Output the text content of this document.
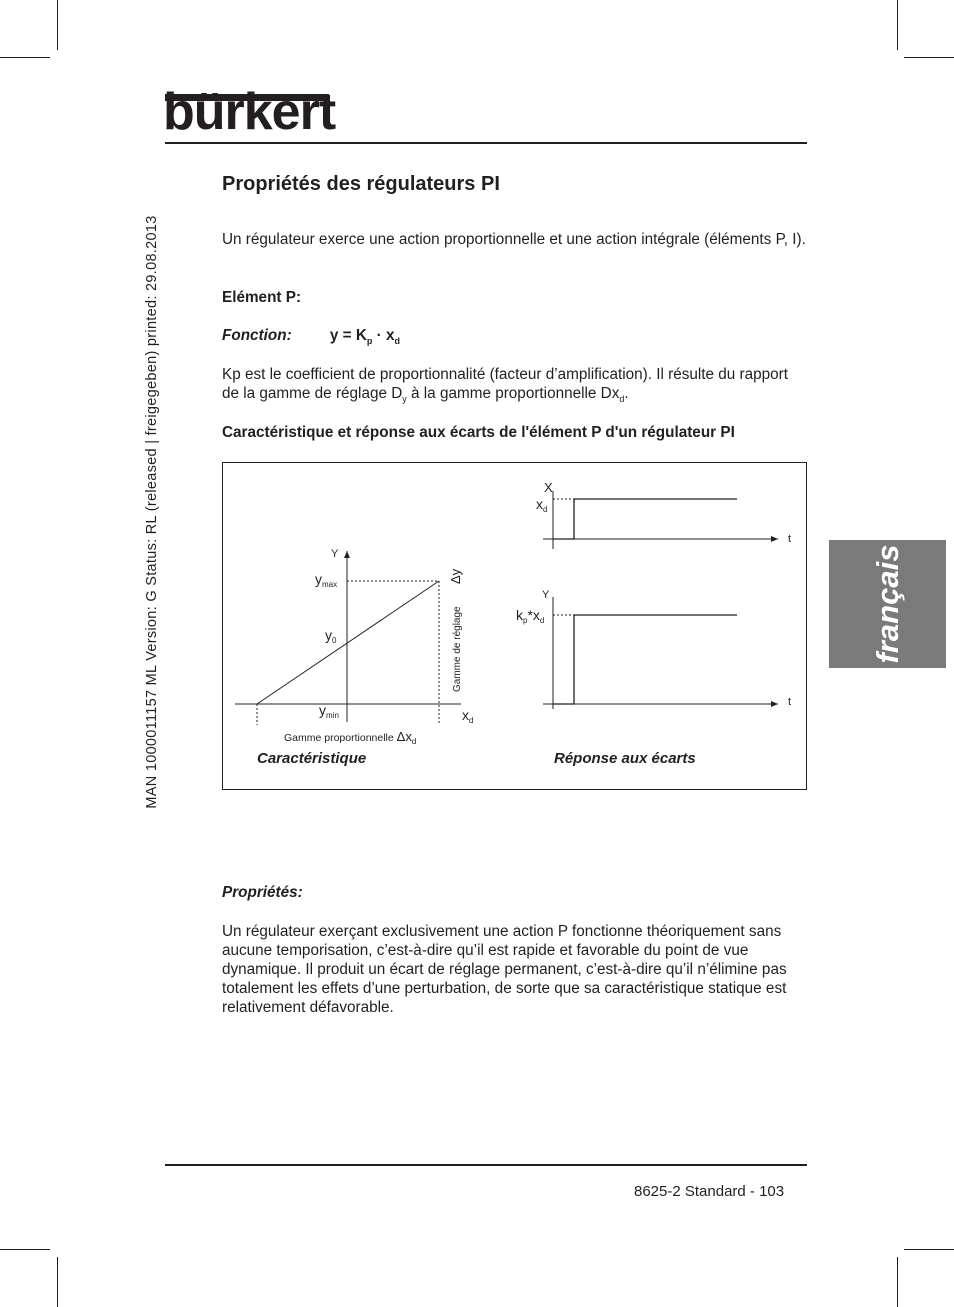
bürkert
MAN 1000011157 ML Version: G Status: RL (released | freigegeben) printed: 29.08.2013	français
Propriétés des régulateurs PI
Un régulateur exerce une action proportionnelle et une action intégrale (éléments P, I).
Elément P:
Fonction:	$y = K_p \cdot x_d$
Kp est le coefficient de proportionnalité (facteur d’amplification). Il résulte du rapport de la gamme de réglage $D_y$ à la gamme proportionnelle $Dx_d$.
Caractéristique et réponse aux écarts de l'élément P d'un régulateur PI
Y
$y_{max}$
$y_0$
$y_{min}$	$x_d$
Gamme de réglage
Δy
Gamme proportionnelle $\Delta x_d$
Caractéristique
X
t
$x_d$
Y
t
$k_p*x_d$
Réponse aux écarts
Propriétés:
Un régulateur exerçant exclusivement une action P fonctionne théoriquement sans aucune temporisation, c’est-à-dire qu’il est rapide et favorable du point de vue dynamique. Il produit un écart de réglage permanent, c’est-à-dire qu’il n’élimine pas totalement les effets d’une perturbation, de sorte que sa caractéristique statique est relativement défavorable.
8625-2 Standard - 103
